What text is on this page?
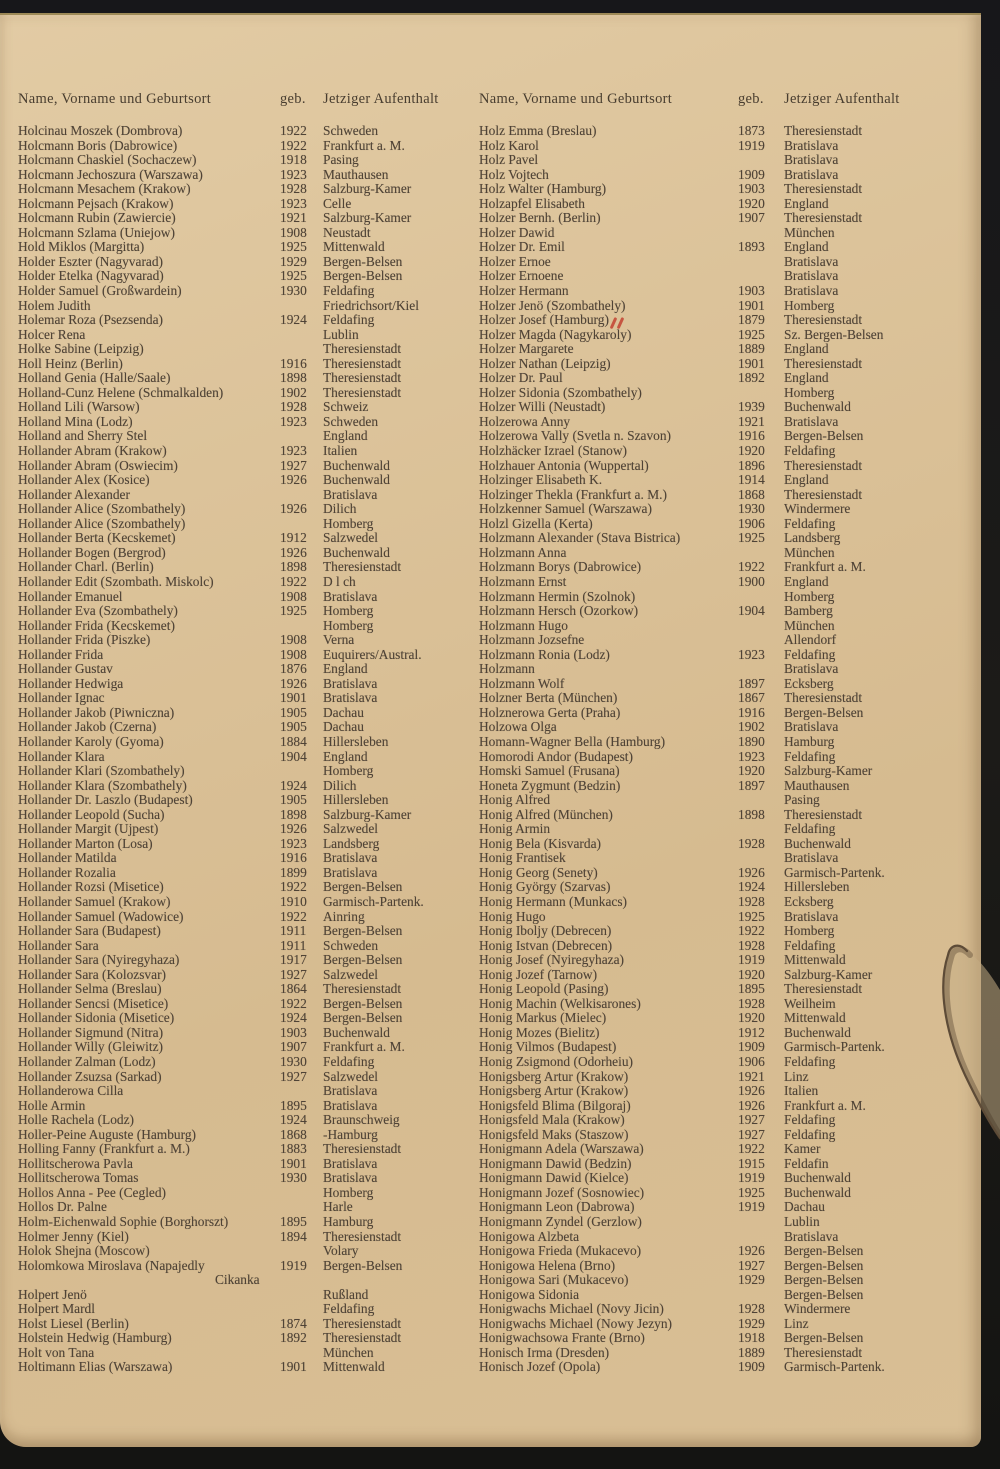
Name, Vorname und Geburtsort	geb.	Jetziger Aufenthalt	Name, Vorname und Geburtsort	geb.	Jetziger Aufenthalt
Holcinau Moszek (Dombrova)	1922	Schweden
Holcmann Boris (Dabrowice)	1922	Frankfurt a. M.
Holcmann Chaskiel (Sochaczew)	1918	Pasing
Holcmann Jechoszura (Warszawa)	1923	Mauthausen
Holcmann Mesachem (Krakow)	1928	Salzburg-Kamer
Holcmann Pejsach (Krakow)	1923	Celle
Holcmann Rubin (Zawiercie)	1921	Salzburg-Kamer
Holcmann Szlama (Uniejow)	1908	Neustadt
Hold Miklos (Margitta)	1925	Mittenwald
Holder Eszter (Nagyvarad)	1929	Bergen-Belsen
Holder Etelka (Nagyvarad)	1925	Bergen-Belsen
Holder Samuel (Großwardein)	1930	Feldafing
Holem Judith	Friedrichsort/Kiel
Holemar Roza (Psezsenda)	1924	Feldafing
Holcer Rena	Lublin
Holke Sabine (Leipzig)	Theresienstadt
Holl Heinz (Berlin)	1916	Theresienstadt
Holland Genia (Halle/Saale)	1898	Theresienstadt
Holland-Cunz Helene (Schmalkalden)	1902	Theresienstadt
Holland Lili (Warsow)	1928	Schweiz
Holland Mina (Lodz)	1923	Schweden
Holland and Sherry Stel	England
Hollander Abram (Krakow)	1923	Italien
Hollander Abram (Oswiecim)	1927	Buchenwald
Hollander Alex (Kosice)	1926	Buchenwald
Hollander Alexander	Bratislava
Hollander Alice (Szombathely)	1926	Dilich
Hollander Alice (Szombathely)	Homberg
Hollander Berta (Kecskemet)	1912	Salzwedel
Hollander Bogen (Bergrod)	1926	Buchenwald
Hollander Charl. (Berlin)	1898	Theresienstadt
Hollander Edit (Szombath. Miskolc)	1922	D l ch
Hollander Emanuel	1908	Bratislava
Hollander Eva (Szombathely)	1925	Homberg
Hollander Frida (Kecskemet)	Homberg
Hollander Frida (Piszke)	1908	Verna
Hollander Frida	1908	Euquirers/Austral.
Hollander Gustav	1876	England
Hollander Hedwiga	1926	Bratislava
Hollander Ignac	1901	Bratislava
Hollander Jakob (Piwniczna)	1905	Dachau
Hollander Jakob (Czerna)	1905	Dachau
Hollander Karoly (Gyoma)	1884	Hillersleben
Hollander Klara	1904	England
Hollander Klari (Szombathely)	Homberg
Hollander Klara (Szombathely)	1924	Dilich
Hollander Dr. Laszlo (Budapest)	1905	Hillersleben
Hollander Leopold (Sucha)	1898	Salzburg-Kamer
Hollander Margit (Ujpest)	1926	Salzwedel
Hollander Marton (Losa)	1923	Landsberg
Hollander Matilda	1916	Bratislava
Hollander Rozalia	1899	Bratislava
Hollander Rozsi (Misetice)	1922	Bergen-Belsen
Hollander Samuel (Krakow)	1910	Garmisch-Partenk.
Hollander Samuel (Wadowice)	1922	Ainring
Hollander Sara (Budapest)	1911	Bergen-Belsen
Hollander Sara	1911	Schweden
Hollander Sara (Nyiregyhaza)	1917	Bergen-Belsen
Hollander Sara (Kolozsvar)	1927	Salzwedel
Hollander Selma (Breslau)	1864	Theresienstadt
Hollander Sencsi (Misetice)	1922	Bergen-Belsen
Hollander Sidonia (Misetice)	1924	Bergen-Belsen
Hollander Sigmund (Nitra)	1903	Buchenwald
Hollander Willy (Gleiwitz)	1907	Frankfurt a. M.
Hollander Zalman (Lodz)	1930	Feldafing
Hollander Zsuzsa (Sarkad)	1927	Salzwedel
Hollanderowa Cilla	Bratislava
Holle Armin	1895	Bratislava
Holle Rachela (Lodz)	1924	Braunschweig
Holler-Peine Auguste (Hamburg)	1868	-Hamburg
Holling Fanny (Frankfurt a. M.)	1883	Theresienstadt
Hollitscherowa Pavla	1901	Bratislava
Hollitscherowa Tomas	1930	Bratislava
Hollos Anna - Pee (Cegled)	Homberg
Hollos Dr. Palne	Harle
Holm-Eichenwald Sophie (Borghorszt)	1895	Hamburg
Holmer Jenny (Kiel)	1894	Theresienstadt
Holok Shejna (Moscow)	Volary
Holomkowa Miroslava (Napajedly	1919	Bergen-Belsen
Cikanka
Holpert Jenö	Rußland
Holpert Mardl	Feldafing
Holst Liesel (Berlin)	1874	Theresienstadt
Holstein Hedwig (Hamburg)	1892	Theresienstadt
Holt von Tana	München
Holtimann Elias (Warszawa)	1901	Mittenwald
Holz Emma (Breslau)	1873	Theresienstadt
Holz Karol	1919	Bratislava
Holz Pavel	Bratislava
Holz Vojtech	1909	Bratislava
Holz Walter (Hamburg)	1903	Theresienstadt
Holzapfel Elisabeth	1920	England
Holzer Bernh. (Berlin)	1907	Theresienstadt
Holzer Dawid	München
Holzer Dr. Emil	1893	England
Holzer Ernoe	Bratislava
Holzer Ernoene	Bratislava
Holzer Hermann	1903	Bratislava
Holzer Jenö (Szombathely)	1901	Homberg
Holzer Josef (Hamburg)	1879	Theresienstadt
Holzer Magda (Nagykaroly)	1925	Sz. Bergen-Belsen
Holzer Margarete	1889	England
Holzer Nathan (Leipzig)	1901	Theresienstadt
Holzer Dr. Paul	1892	England
Holzer Sidonia (Szombathely)	Homberg
Holzer Willi (Neustadt)	1939	Buchenwald
Holzerowa Anny	1921	Bratislava
Holzerowa Vally (Svetla n. Szavon)	1916	Bergen-Belsen
Holzhäcker Izrael (Stanow)	1920	Feldafing
Holzhauer Antonia (Wuppertal)	1896	Theresienstadt
Holzinger Elisabeth K.	1914	England
Holzinger Thekla (Frankfurt a. M.)	1868	Theresienstadt
Holzkenner Samuel (Warszawa)	1930	Windermere
Holzl Gizella (Kerta)	1906	Feldafing
Holzmann Alexander (Stava Bistrica)	1925	Landsberg
Holzmann Anna	München
Holzmann Borys (Dabrowice)	1922	Frankfurt a. M.
Holzmann Ernst	1900	England
Holzmann Hermin (Szolnok)	Homberg
Holzmann Hersch (Ozorkow)	1904	Bamberg
Holzmann Hugo	München
Holzmann Jozsefne	Allendorf
Holzmann Ronia (Lodz)	1923	Feldafing
Holzmann	Bratislava
Holzmann Wolf	1897	Ecksberg
Holzner Berta (München)	1867	Theresienstadt
Holznerowa Gerta (Praha)	1916	Bergen-Belsen
Holzowa Olga	1902	Bratislava
Homann-Wagner Bella (Hamburg)	1890	Hamburg
Homorodi Andor (Budapest)	1923	Feldafing
Homski Samuel (Frusana)	1920	Salzburg-Kamer
Honeta Zygmunt (Bedzin)	1897	Mauthausen
Honig Alfred	Pasing
Honig Alfred (München)	1898	Theresienstadt
Honig Armin	Feldafing
Honig Bela (Kisvarda)	1928	Buchenwald
Honig Frantisek	Bratislava
Honig Georg (Senety)	1926	Garmisch-Partenk.
Honig György (Szarvas)	1924	Hillersleben
Honig Hermann (Munkacs)	1928	Ecksberg
Honig Hugo	1925	Bratislava
Honig Iboljy (Debrecen)	1922	Homberg
Honig Istvan (Debrecen)	1928	Feldafing
Honig Josef (Nyiregyhaza)	1919	Mittenwald
Honig Jozef (Tarnow)	1920	Salzburg-Kamer
Honig Leopold (Pasing)	1895	Theresienstadt
Honig Machin (Welkisarones)	1928	Weilheim
Honig Markus (Mielec)	1920	Mittenwald
Honig Mozes (Bielitz)	1912	Buchenwald
Honig Vilmos (Budapest)	1909	Garmisch-Partenk.
Honig Zsigmond (Odorheiu)	1906	Feldafing
Honigsberg Artur (Krakow)	1921	Linz
Honigsberg Artur (Krakow)	1926	Italien
Honigsfeld Blima (Bilgoraj)	1926	Frankfurt a. M.
Honigsfeld Mala (Krakow)	1927	Feldafing
Honigsfeld Maks (Staszow)	1927	Feldafing
Honigmann Adela (Warszawa)	1922	Kamer
Honigmann Dawid (Bedzin)	1915	Feldafin
Honigmann Dawid (Kielce)	1919	Buchenwald
Honigmann Jozef (Sosnowiec)	1925	Buchenwald
Honigmann Leon (Dabrowa)	1919	Dachau
Honigmann Zyndel (Gerzlow)	Lublin
Honigowa Alzbeta	Bratislava
Honigowa Frieda (Mukacevo)	1926	Bergen-Belsen
Honigowa Helena (Brno)	1927	Bergen-Belsen
Honigowa Sari (Mukacevo)	1929	Bergen-Belsen
Honigowa Sidonia	Bergen-Belsen
Honigwachs Michael (Novy Jicin)	1928	Windermere
Honigwachs Michael (Nowy Jezyn)	1929	Linz
Honigwachsowa Frante (Brno)	1918	Bergen-Belsen
Honisch Irma (Dresden)	1889	Theresienstadt
Honisch Jozef (Opola)	1909	Garmisch-Partenk.
